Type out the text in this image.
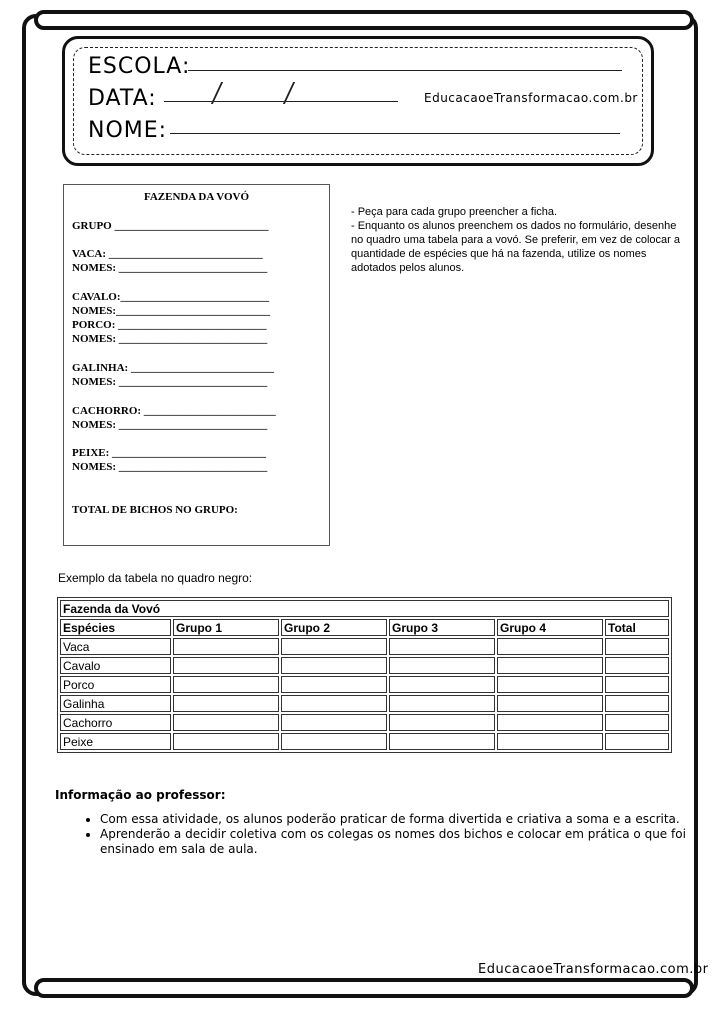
ESCOLA:
DATA:	EducacaoeTransformacao.com.br
NOME:
FAZENDA DA VOVÓ
GRUPO ____________________________
VACA: ____________________________
NOMES: ___________________________
CAVALO:___________________________
NOMES:____________________________
PORCO: ___________________________
NOMES: ___________________________
GALINHA: __________________________
NOMES: ___________________________
CACHORRO: ________________________
NOMES: ___________________________
PEIXE: ____________________________
NOMES: ___________________________
TOTAL DE BICHOS NO GRUPO:

- Peça para cada grupo preencher a ficha.

- Enquanto os alunos preenchem os dados no formulário, desenhe no quadro uma tabela para a vovó. Se preferir, em vez de colocar a quantidade de espécies que há na fazenda, utilize os nomes adotados pelos alunos.

Exemplo da tabela no quadro negro:
Fazenda da Vovó					
Espécies	Grupo 1	Grupo 2	Grupo 3	Grupo 4	Total
Vaca					
Cavalo					
Porco					
Galinha					
Cachorro					
Peixe					
Informação ao professor:
• Com essa atividade, os alunos poderão praticar de forma divertida e criativa a soma e a escrita.
• Aprenderão a decidir coletiva com os colegas os nomes dos bichos e colocar em prática o que foi ensinado em sala de aula.
EducacaoeTransformacao.com.br
